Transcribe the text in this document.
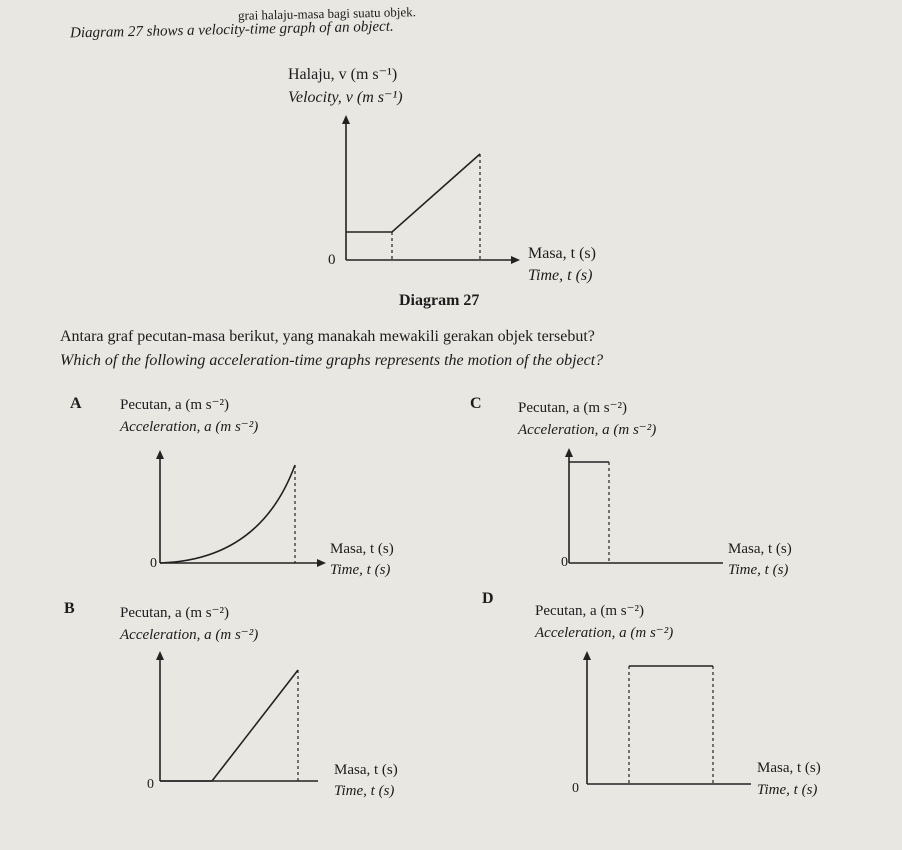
grai halaju-masa bagi suatu objek.
Diagram 27 shows a velocity-time graph of an object.
Halaju, v (m s⁻¹)
Velocity, v (m s⁻¹)
0	Masa, t (s)
Time, t (s)
Diagram 27
Antara graf pecutan-masa berikut, yang manakah mewakili gerakan objek tersebut?
Which of the following acceleration-time graphs represents the motion of the object?
A	Pecutan, a (m s⁻²)
Acceleration, a (m s⁻²)
0
Masa, t (s)
Time, t (s)
C Pecutan, a (m s⁻²)
Acceleration, a (m s⁻²)
0
Masa, t (s)
Time, t (s)
B	Pecutan, a (m s⁻²)
Acceleration, a (m s⁻²)
0
Masa, t (s)
Time, t (s)
D
Pecutan, a (m s⁻²)
Acceleration, a (m s⁻²)
0
Masa, t (s)
Time, t (s)
